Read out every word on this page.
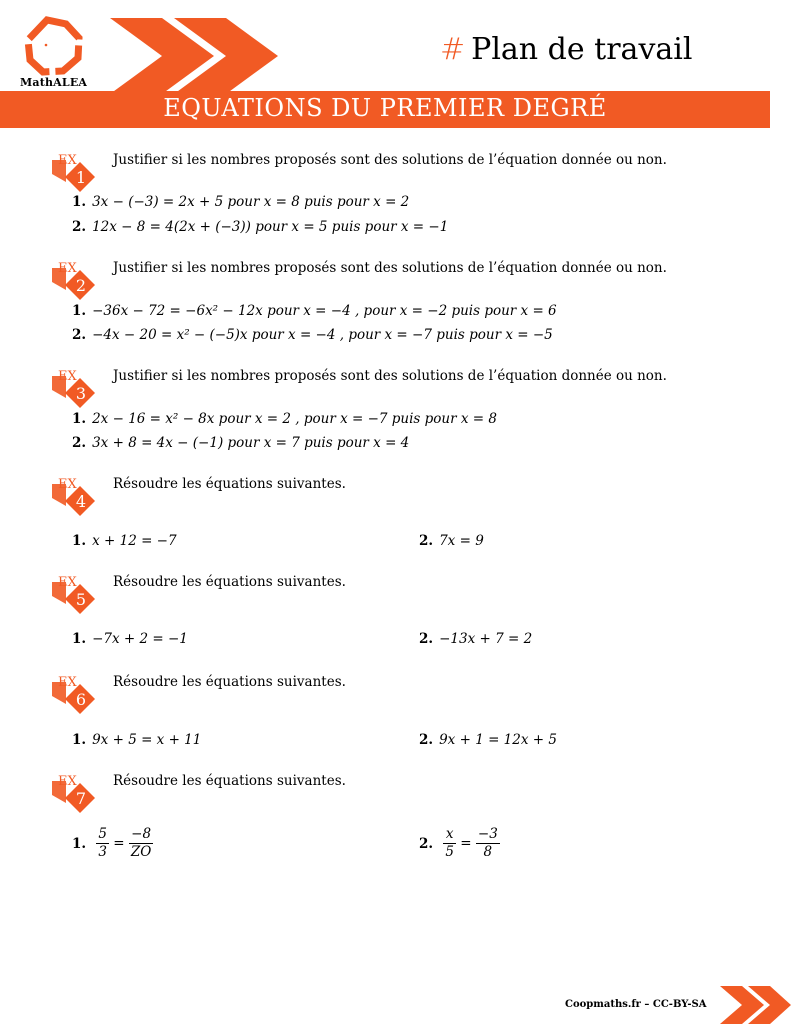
MathALEA
# Plan de travail
EQUATIONS DU PREMIER DEGRÉ
EX
1
Justifier si les nombres proposés sont des solutions de l’équation donnée ou non.
1. 3x − (−3) = 2x + 5 pour x = 8 puis pour x = 2
2. 12x − 8 = 4(2x + (−3)) pour x = 5 puis pour x = −1
EX
2
Justifier si les nombres proposés sont des solutions de l’équation donnée ou non.
1. −36x − 72 = −6x² − 12x pour x = −4 , pour x = −2 puis pour x = 6
2. −4x − 20 = x² − (−5)x pour x = −4 , pour x = −7 puis pour x = −5
EX
3
Justifier si les nombres proposés sont des solutions de l’équation donnée ou non.
1. 2x − 16 = x² − 8x pour x = 2 , pour x = −7 puis pour x = 8
2. 3x + 8 = 4x − (−1) pour x = 7 puis pour x = 4
EX
4
Résoudre les équations suivantes.
1. x + 12 = −7	2. 7x = 9
EX
5
Résoudre les équations suivantes.
1. −7x + 2 = −1	2. −13x + 7 = 2
EX
6
Résoudre les équations suivantes.
1. 9x + 5 = x + 11	2. 9x + 1 = 12x + 5
EX
7
Résoudre les équations suivantes.
1. $\frac{5}{3} = \frac{-8}{ZO}$	2. $\frac{x}{5} = \frac{-3}{8}$
Coopmaths.fr – CC-BY-SA
